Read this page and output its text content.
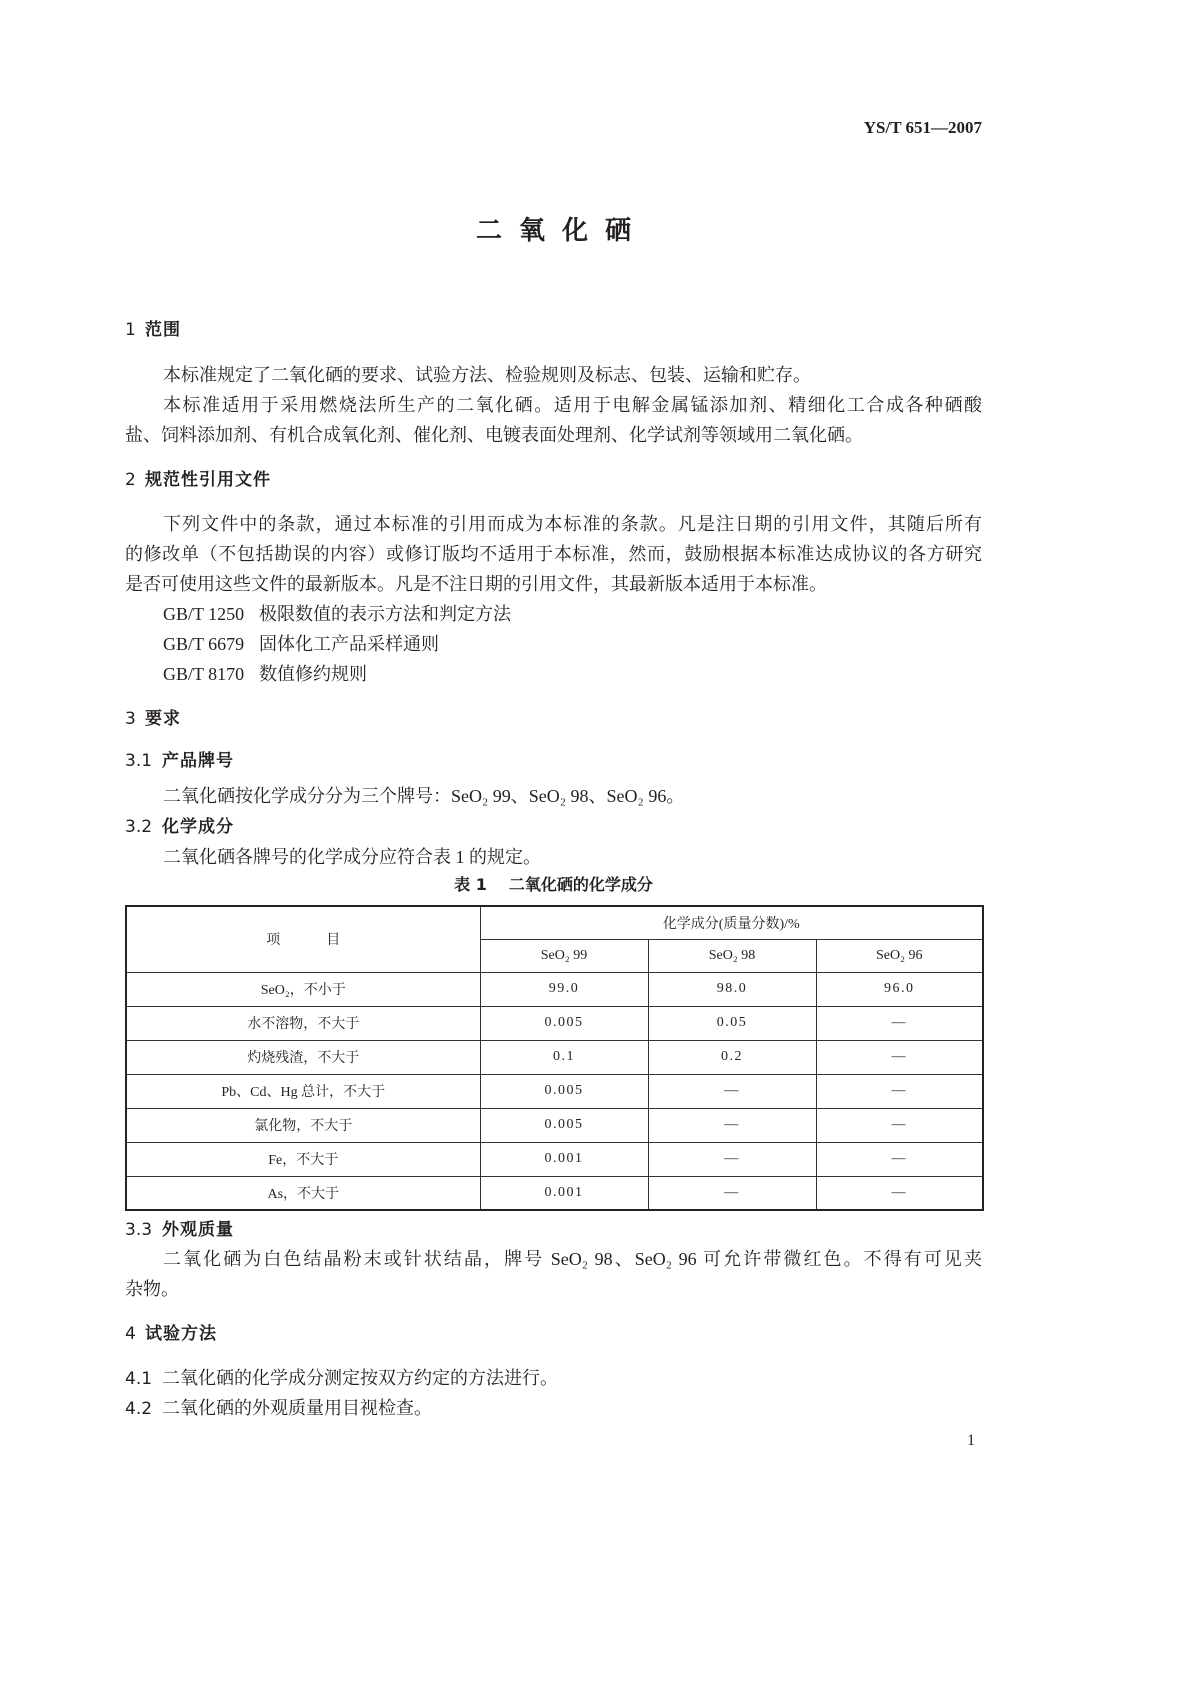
YS/T 651—2007
二氧化硒
1 范围
本标准规定了二氧化硒的要求、试验方法、检验规则及标志、包装、运输和贮存。
本标准适用于采用燃烧法所生产的二氧化硒。适用于电解金属锰添加剂、精细化工合成各种硒酸
盐、饲料添加剂、有机合成氧化剂、催化剂、电镀表面处理剂、化学试剂等领域用二氧化硒。
2 规范性引用文件
下列文件中的条款，通过本标准的引用而成为本标准的条款。凡是注日期的引用文件，其随后所有
的修改单（不包括勘误的内容）或修订版均不适用于本标准，然而，鼓励根据本标准达成协议的各方研究
是否可使用这些文件的最新版本。凡是不注日期的引用文件，其最新版本适用于本标准。
GB/T 1250 极限数值的表示方法和判定方法
GB/T 6679 固体化工产品采样通则
GB/T 8170 数值修约规则
3 要求
3.1 产品牌号
二氧化硒按化学成分分为三个牌号：SeO₂ 99、SeO₂ 98、SeO₂ 96。
3.2 化学成分
二氧化硒各牌号的化学成分应符合表 1 的规定。
表 1 二氧化硒的化学成分
项目	化学成分(质量分数)/%		
	SeO₂ 99	SeO₂ 98	SeO₂ 96
SeO₂，不小于	99.0	98.0	96.0
水不溶物，不大于	0.005	0.05	—
灼烧残渣，不大于	0.1	0.2	—
Pb、Cd、Hg 总计，不大于	0.005	—	—
氯化物，不大于	0.005	—	—
Fe，不大于	0.001	—	—
As，不大于	0.001	—	—
3.3 外观质量
二氧化硒为白色结晶粉末或针状结晶，牌号 SeO₂ 98、SeO₂ 96 可允许带微红色。不得有可见夹
杂物。
4 试验方法
4.1 二氧化硒的化学成分测定按双方约定的方法进行。
4.2 二氧化硒的外观质量用目视检查。
1
